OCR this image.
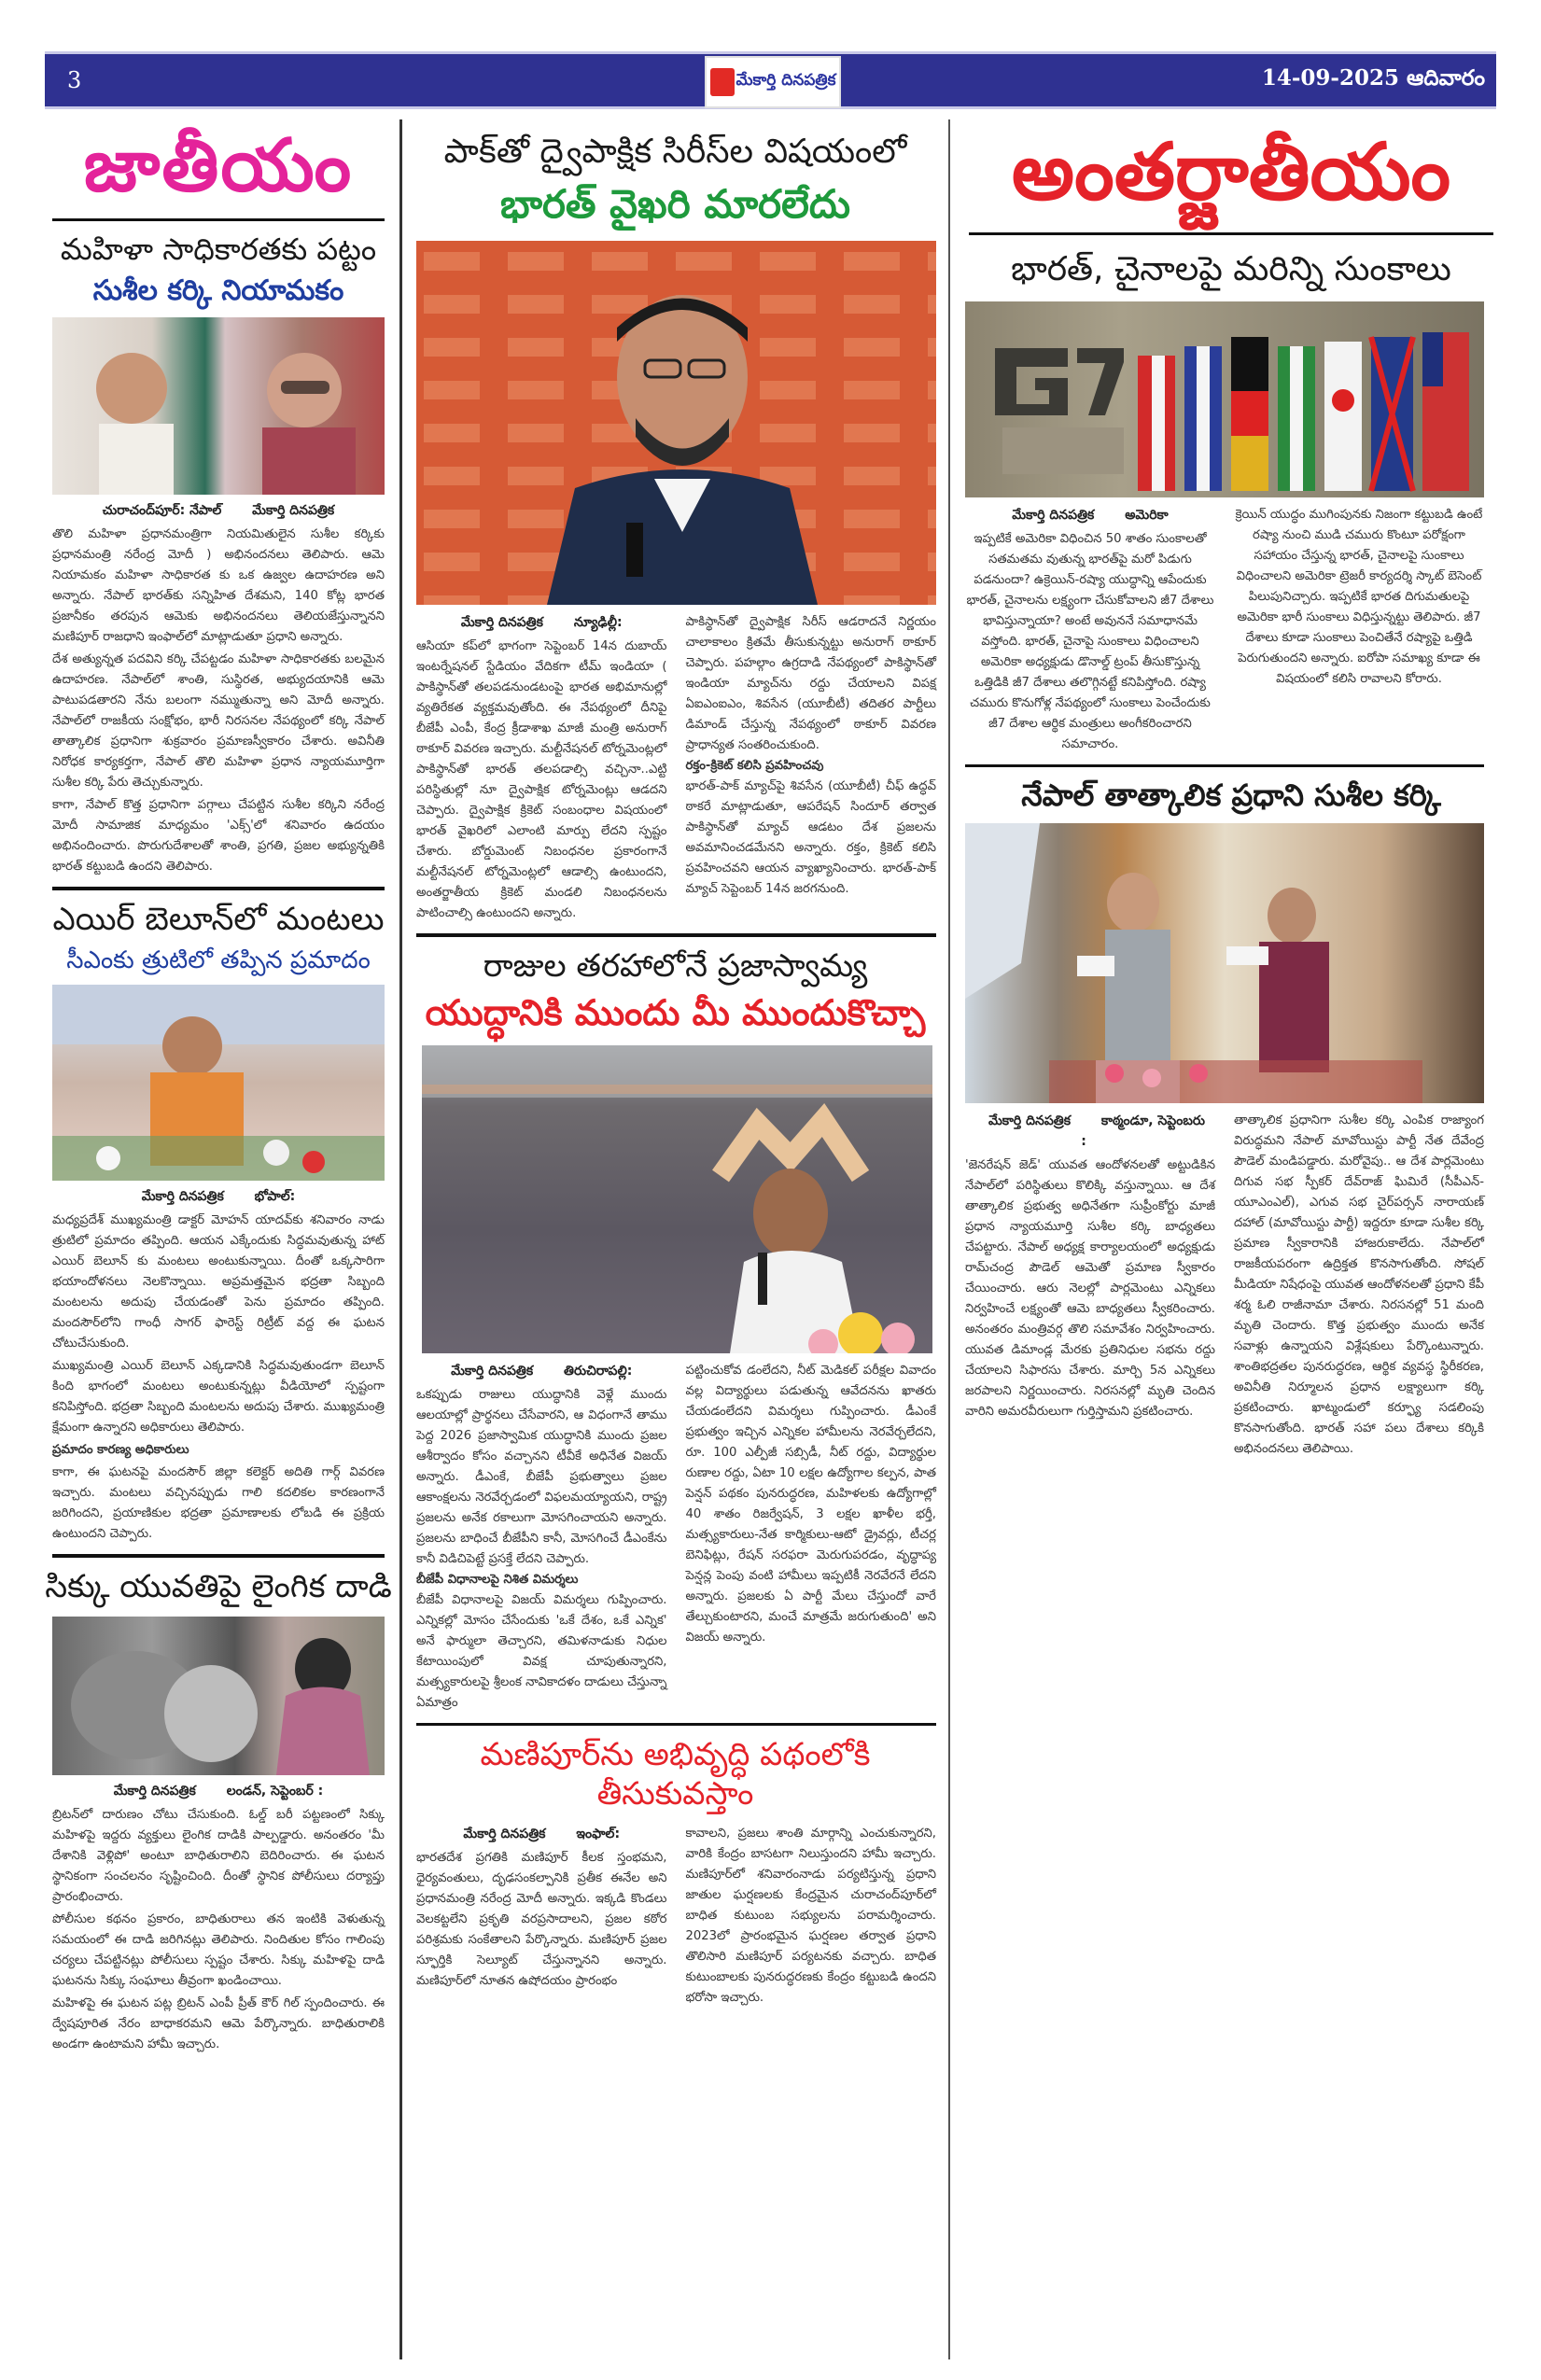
3	మేకార్తి దినపత్రిక	14-09-2025 ఆదివారం
జాతీయం
మహిళా సాధికారతకు పట్టం
సుశీల కర్కి నియామకం
చురాచంద్‌పూర్: నేపాల్ మేకార్తి దినపత్రిక

తొలి మహిళా ప్రధానమంత్రిగా నియమితులైన సుశీల కర్కికు ప్రధానమంత్రి నరేంద్ర మోదీ ) అభినందనలు తెలిపారు. ఆమె నియామకం మహిళా సాధికారత కు ఒక ఉజ్వల ఉదాహరణ అని అన్నారు. నేపాల్ భారత్‌కు సన్నిహిత దేశమని, 140 కోట్ల భారత ప్రజానీకం తరపున ఆమెకు అభినందనలు తెలియజేస్తున్నానని మణిపూర్ రాజధాని ఇంఫాల్‌లో మాట్లాడుతూ ప్రధాని అన్నారు.

దేశ అత్యున్నత పదవిని కర్కి చేపట్టడం మహిళా సాధికారతకు బలమైన ఉదాహరణ. నేపాల్‌లో శాంతి, సుస్థిరత, అభ్యుదయానికి ఆమె పాటుపడతారని నేను బలంగా నమ్ముతున్నా అని మోదీ అన్నారు. నేపాల్‌లో రాజకీయ సంక్షోభం, భారీ నిరసనల నేపథ్యంలో కర్కి నేపాల్ తాత్కాలిక ప్రధానిగా శుక్రవారం ప్రమాణస్వీకారం చేశారు. అవినీతి నిరోధక కార్యకర్తగా, నేపాల్ తొలి మహిళా ప్రధాన న్యాయమూర్తిగా సుశీల కర్కి పేరు తెచ్చుకున్నారు.

కాగా, నేపాల్ కొత్త ప్రధానిగా పగ్గాలు చేపట్టిన సుశీల కర్కిని నరేంద్ర మోదీ సామాజిక మాధ్యమం 'ఎక్స్'లో శనివారం ఉదయం అభినందించారు. పొరుగుదేశాలతో శాంతి, ప్రగతి, ప్రజల అభ్యున్నతికి భారత్ కట్టుబడి ఉందని తెలిపారు.

ఎయిర్ బెలూన్‌లో మంటలు
సీఎంకు త్రుటిలో తప్పిన ప్రమాదం
మేకార్తి దినపత్రిక భోపాల్:

మధ్యప్రదేశ్ ముఖ్యమంత్రి డాక్టర్ మోహన్ యాదవ్‌కు శనివారం నాడు త్రుటిలో ప్రమాదం తప్పింది. ఆయన ఎక్కేందుకు సిద్ధమవుతున్న హాట్ ఎయిర్ బెలూన్ కు మంటలు అంటుకున్నాయి. దీంతో ఒక్కసారిగా భయాందోళనలు నెలకొన్నాయి. అప్రమత్తమైన భద్రతా సిబ్బంది మంటలను అదుపు చేయడంతో పెను ప్రమాదం తప్పింది. మందసౌర్‌లోని గాంధీ సాగర్ ఫారెస్ట్ రిట్రీట్ వద్ద ఈ ఘటన చోటుచేసుకుంది.

ముఖ్యమంత్రి ఎయిర్ బెలూన్ ఎక్కడానికి సిద్ధమవుతుండగా బెలూన్ కింది భాగంలో మంటలు అంటుకున్నట్లు వీడియోలో స్పష్టంగా కనిపిస్తోంది. భద్రతా సిబ్బంది మంటలను అదుపు చేశారు. ముఖ్యమంత్రి క్షేమంగా ఉన్నారని అధికారులు తెలిపారు.

ప్రమాదం కారణ్య అధికారులు

కాగా, ఈ ఘటనపై మందసౌర్ జిల్లా కలెక్టర్ అదితి గార్గ్ వివరణ ఇచ్చారు. మంటలు వచ్చినప్పుడు గాలి కదలికల కారణంగానే జరిగిందని, ప్రయాణికుల భద్రతా ప్రమాణాలకు లోబడి ఈ ప్రక్రియ ఉంటుందని చెప్పారు.

సిక్కు యువతిపై లైంగిక దాడి
మేకార్తి దినపత్రిక లండన్, సెప్టెంబర్ :

బ్రిటన్‌లో దారుణం చోటు చేసుకుంది. ఓల్డ్ బరీ పట్టణంలో సిక్కు మహిళపై ఇద్దరు వ్యక్తులు లైంగిక దాడికి పాల్పడ్డారు. అనంతరం 'మీ దేశానికి వెళ్లిపో' అంటూ బాధితురాలిని బెదిరించారు. ఈ ఘటన స్థానికంగా సంచలనం సృష్టించింది. దీంతో స్థానిక పోలీసులు దర్యాప్తు ప్రారంభించారు.

పోలీసుల కథనం ప్రకారం, బాధితురాలు తన ఇంటికి వెళుతున్న సమయంలో ఈ దాడి జరిగినట్లు తెలిపారు. నిందితుల కోసం గాలింపు చర్యలు చేపట్టినట్లు పోలీసులు స్పష్టం చేశారు. సిక్కు మహిళపై దాడి ఘటనను సిక్కు సంఘాలు తీవ్రంగా ఖండించాయి.

మహిళపై ఈ ఘటన పట్ల బ్రిటన్ ఎంపీ ప్రీత్ కౌర్ గిల్ స్పందించారు. ఈ ద్వేషపూరిత నేరం బాధాకరమని ఆమె పేర్కొన్నారు. బాధితురాలికి అండగా ఉంటామని హామీ ఇచ్చారు.

పాక్‌తో ద్వైపాక్షిక సిరీస్‌ల విషయంలో
భారత్ వైఖరి మారలేదు
మేకార్తి దినపత్రిక న్యూఢిల్లీ:
ఆసియా కప్‌లో భాగంగా సెప్టెంబర్ 14న దుబాయ్ ఇంటర్నేషనల్ స్టేడియం వేదికగా టీమ్ ఇండియా ( పాకిస్థాన్‌తో తలపడనుండటంపై భారత అభిమానుల్లో వ్యతిరేకత వ్యక్తమవుతోంది. ఈ నేపథ్యంలో దీనిపై బీజేపీ ఎంపీ, కేంద్ర క్రీడాశాఖ మాజీ మంత్రి అనురాగ్ ఠాకూర్ వివరణ ఇచ్చారు. మల్టీనేషనల్ టోర్నమెంట్లలో పాకిస్థాన్‌తో భారత్ తలపడాల్సి వచ్చినా..ఎట్టి పరిస్థితుల్లో నూ ద్వైపాక్షిక టోర్నమెంట్లు ఆడదని చెప్పారు. ద్వైపాక్షిక క్రికెట్ సంబంధాల విషయంలో భారత్ వైఖరిలో ఎలాంటి మార్పు లేదని స్పష్టం చేశారు. బోర్డుమెంట్ నిబంధనల ప్రకారంగానే మల్టీనేషనల్ టోర్నమెంట్లలో ఆడాల్సి ఉంటుందని, అంతర్జాతీయ క్రికెట్ మండలి నిబంధనలను పాటించాల్సి ఉంటుందని అన్నారు.
పాకిస్థాన్‌తో ద్వైపాక్షిక సిరీస్ ఆడరాదనే నిర్ణయం చాలాకాలం క్రితమే తీసుకున్నట్టు అనురాగ్ ఠాకూర్ చెప్పారు. పహల్గాం ఉగ్రదాడి నేపథ్యంలో పాకిస్థాన్‌తో ఇండియా మ్యాచ్‌ను రద్దు చేయాలని విపక్ష ఏఐఎంఐఎం, శివసేన (యూబీటీ) తదితర పార్టీలు డిమాండ్ చేస్తున్న నేపథ్యంలో ఠాకూర్ వివరణ ప్రాధాన్యత సంతరించుకుంది.
రక్తం-క్రికెట్ కలిసి ప్రవహించవు
భారత్-పాక్ మ్యాచ్‌పై శివసేన (యూబీటీ) చీఫ్ ఉద్ధవ్ ఠాకరే మాట్లాడుతూ, ఆపరేషన్ సిందూర్ తర్వాత పాకిస్థాన్‌తో మ్యాచ్‌ ఆడటం దేశ ప్రజలను అవమానించడమేనని అన్నారు. రక్తం, క్రికెట్ కలిసి ప్రవహించవని ఆయన వ్యాఖ్యానించారు. భారత్-పాక్ మ్యాచ్ సెప్టెంబర్ 14న జరగనుంది.
రాజుల తరహాలోనే ప్రజాస్వామ్య
యుద్ధానికి ముందు మీ ముందుకొచ్చా
మేకార్తి దినపత్రిక తిరుచిరాపల్లి:
ఒకప్పుడు రాజులు యుద్ధానికి వెళ్లే ముందు ఆలయాల్లో ప్రార్థనలు చేసేవారని, ఆ విధంగానే తాము పెద్ద 2026 ప్రజాస్వామిక యుద్ధానికి ముందు ప్రజల ఆశీర్వాదం కోసం వచ్చానని టీవీకే అధినేత విజయ్ అన్నారు. డీఎంకే, బీజేపీ ప్రభుత్వాలు ప్రజల ఆకాంక్షలను నెరవేర్చడంలో విఫలమయ్యాయని, రాష్ట్ర ప్రజలను అనేక రకాలుగా మోసగించాయని అన్నారు. ప్రజలను బాధించే బీజేపీని కానీ, మోసగించే డీఎంకేను కానీ విడిచిపెట్టే ప్రసక్తే లేదని చెప్పారు.
బీజేపీ విధానాలపై నిశిత విమర్శలు
బీజేపీ విధానాలపై విజయ్ విమర్శలు గుప్పించారు. ఎన్నికల్లో మోసం చేసేందుకు 'ఒకే దేశం, ఒకే ఎన్నిక' అనే ఫార్ములా తెచ్చారని, తమిళనాడుకు నిధుల కేటాయింపులో వివక్ష చూపుతున్నారని, మత్స్యకారులపై శ్రీలంక నావికాదళం దాడులు చేస్తున్నా ఏమాత్రం
పట్టించుకోవ డంలేదని, నీట్ మెడికల్ పరీక్షల వివాదం వల్ల విద్యార్థులు పడుతున్న ఆవేదనను ఖాతరు చేయడంలేదని విమర్శలు గుప్పించారు. డీఎంకే ప్రభుత్వం ఇచ్చిన ఎన్నికల హామీలను నెరవేర్చలేదని, రూ. 100 ఎల్పీజీ సబ్సిడీ, నీట్ రద్దు, విద్యార్థుల రుణాల రద్దు, ఏటా 10 లక్షల ఉద్యోగాల కల్పన, పాత పెన్షన్ పథకం పునరుద్ధరణ, మహిళలకు ఉద్యోగాల్లో 40 శాతం రిజర్వేషన్, 3 లక్షల ఖాళీల భర్తీ, మత్స్యకారులు-నేత కార్మికులు-ఆటో డ్రైవర్లు, టీచర్ల బెనిఫిట్లు, రేషన్ సరఫరా మెరుగుపరడం, వృద్ధాప్య పెన్షన్ల పెంపు వంటి హామీలు ఇప్పటికీ నెరవేరనే లేదని అన్నారు. ప్రజలకు ఏ పార్టీ మేలు చేస్తుందో వారే తేల్చుకుంటారని, మంచే మాత్రమే జరుగుతుంది' అని విజయ్ అన్నారు.
మణిపూర్‌ను అభివృద్ధి పథంలోకి తీసుకువస్తాం
మేకార్తి దినపత్రిక ఇంఫాల్:
భారతదేశ ప్రగతికి మణిపూర్ కీలక స్తంభమని, ధైర్యవంతులు, దృఢసంకల్పానికి ప్రతీక ఈనేల అని ప్రధానమంత్రి నరేంద్ర మోదీ అన్నారు. ఇక్కడి కొండలు వెలకట్టలేని ప్రకృతి వరప్రసాదాలని, ప్రజల కఠోర పరిశ్రమకు సంకేతాలని పేర్కొన్నారు. మణిపూర్ ప్రజల స్ఫూర్తికి సెల్యూట్ చేస్తున్నానని అన్నారు. మణిపూర్‌లో నూతన ఉషోదయం ప్రారంభం
కావాలని, ప్రజలు శాంతి మార్గాన్ని ఎంచుకున్నారని, వారికి కేంద్రం బాసటగా నిలుస్తుందని హామీ ఇచ్చారు. మణిపూర్‌లో శనివారంనాడు పర్యటిస్తున్న ప్రధాని జాతుల ఘర్షణలకు కేంద్రమైన చురాచంద్‌పూర్‌లో బాధిత కుటుంబ సభ్యులను పరామర్శించారు. 2023లో ప్రారంభమైన ఘర్షణల తర్వాత ప్రధాని తొలిసారి మణిపూర్ పర్యటనకు వచ్చారు. బాధిత కుటుంబాలకు పునరుద్ధరణకు కేంద్రం కట్టుబడి ఉందని భరోసా ఇచ్చారు.
అంతర్జాతీయం
భారత్, చైనాలపై మరిన్ని సుంకాలు
మేకార్తి దినపత్రిక అమెరికా
ఇప్పటికే అమెరికా విధించిన 50 శాతం సుంకాలతో సతమతమ వుతున్న భారత్‌పై మరో పిడుగు పడనుందా? ఉక్రెయిన్-రష్యా యుద్ధాన్ని ఆపేందుకు భారత్, చైనాలను లక్ష్యంగా చేసుకోవాలని జీ7 దేశాలు భావిస్తున్నాయా? అంటే అవుననే సమాధానమే వస్తోంది. భారత్, చైనాపై సుంకాలు విధించాలని అమెరికా అధ్యక్షుడు డొనాల్డ్ ట్రంప్ తీసుకొస్తున్న ఒత్తిడికి జీ7 దేశాలు తలొగ్గినట్టే కనిపిస్తోంది. రష్యా చమురు కొనుగోళ్ల నేపథ్యంలో సుంకాలు పెంచేందుకు జీ7 దేశాల ఆర్థిక మంత్రులు అంగీకరించారని సమాచారం.
క్రెయిన్ యుద్ధం ముగింపునకు నిజంగా కట్టుబడి ఉంటే రష్యా నుంచి ముడి చమురు కొంటూ పరోక్షంగా సహాయం చేస్తున్న భారత్, చైనాలపై సుంకాలు విధించాలని అమెరికా ట్రెజరీ కార్యదర్శి స్కాట్ బెసెంట్ పిలుపునిచ్చారు. ఇప్పటికే భారత దిగుమతులపై అమెరికా భారీ సుంకాలు విధిస్తున్నట్టు తెలిపారు. జీ7 దేశాలు కూడా సుంకాలు పెంచితేనే రష్యాపై ఒత్తిడి పెరుగుతుందని అన్నారు. ఐరోపా సమాఖ్య కూడా ఈ విషయంలో కలిసి రావాలని కోరారు.
నేపాల్ తాత్కాలిక ప్రధాని సుశీల కర్కి
మేకార్తి దినపత్రిక కాఠ్మండూ, సెప్టెంబరు :
'జెనరేషన్ జెడ్' యువత ఆందోళనలతో అట్టుడికిన నేపాల్‌లో పరిస్థితులు కొలిక్కి వస్తున్నాయి. ఆ దేశ తాత్కాలిక ప్రభుత్వ అధినేతగా సుప్రీంకోర్టు మాజీ ప్రధాన న్యాయమూర్తి సుశీల కర్కి బాధ్యతలు చేపట్టారు. నేపాల్ అధ్యక్ష కార్యాలయంలో అధ్యక్షుడు రామ్‌చంద్ర పౌడెల్ ఆమెతో ప్రమాణ స్వీకారం చేయించారు. ఆరు నెలల్లో పార్లమెంటు ఎన్నికలు నిర్వహించే లక్ష్యంతో ఆమె బాధ్యతలు స్వీకరించారు. అనంతరం మంత్రివర్గ తొలి సమావేశం నిర్వహించారు. యువత డిమాండ్ల మేరకు ప్రతినిధుల సభను రద్దు చేయాలని సిఫారసు చేశారు. మార్చి 5న ఎన్నికలు జరపాలని నిర్ణయించారు. నిరసనల్లో మృతి చెందిన వారిని అమరవీరులుగా గుర్తిస్తామని ప్రకటించారు.
తాత్కాలిక ప్రధానిగా సుశీల కర్కి ఎంపిక రాజ్యాంగ విరుద్ధమని నేపాల్ మావోయిస్టు పార్టీ నేత దేవేంద్ర పౌడెల్ మండిపడ్డారు. మరోవైపు.. ఆ దేశ పార్లమెంటు దిగువ సభ స్పీకర్ దేవ్‌రాజ్ ఘిమిరే (సీపీఎన్-యూఎంఎల్), ఎగువ సభ చైర్‌పర్సన్ నారాయణ్ దహాల్ (మావోయిస్టు పార్టీ) ఇద్దరూ కూడా సుశీల కర్కి ప్రమాణ స్వీకారానికి హాజరుకాలేదు. నేపాల్‌లో రాజకీయపరంగా ఉద్రిక్తత కొనసాగుతోంది. సోషల్ మీడియా నిషేధంపై యువత ఆందోళనలతో ప్రధాని కేపీ శర్మ ఓలి రాజీనామా చేశారు. నిరసనల్లో 51 మంది మృతి చెందారు. కొత్త ప్రభుత్వం ముందు అనేక సవాళ్లు ఉన్నాయని విశ్లేషకులు పేర్కొంటున్నారు. శాంతిభద్రతల పునరుద్ధరణ, ఆర్థిక వ్యవస్థ స్థిరీకరణ, అవినీతి నిర్మూలన ప్రధాన లక్ష్యాలుగా కర్కి ప్రకటించారు. ఖాట్మండులో కర్ఫ్యూ సడలింపు కొనసాగుతోంది. భారత్ సహా పలు దేశాలు కర్కికి అభినందనలు తెలిపాయి.
